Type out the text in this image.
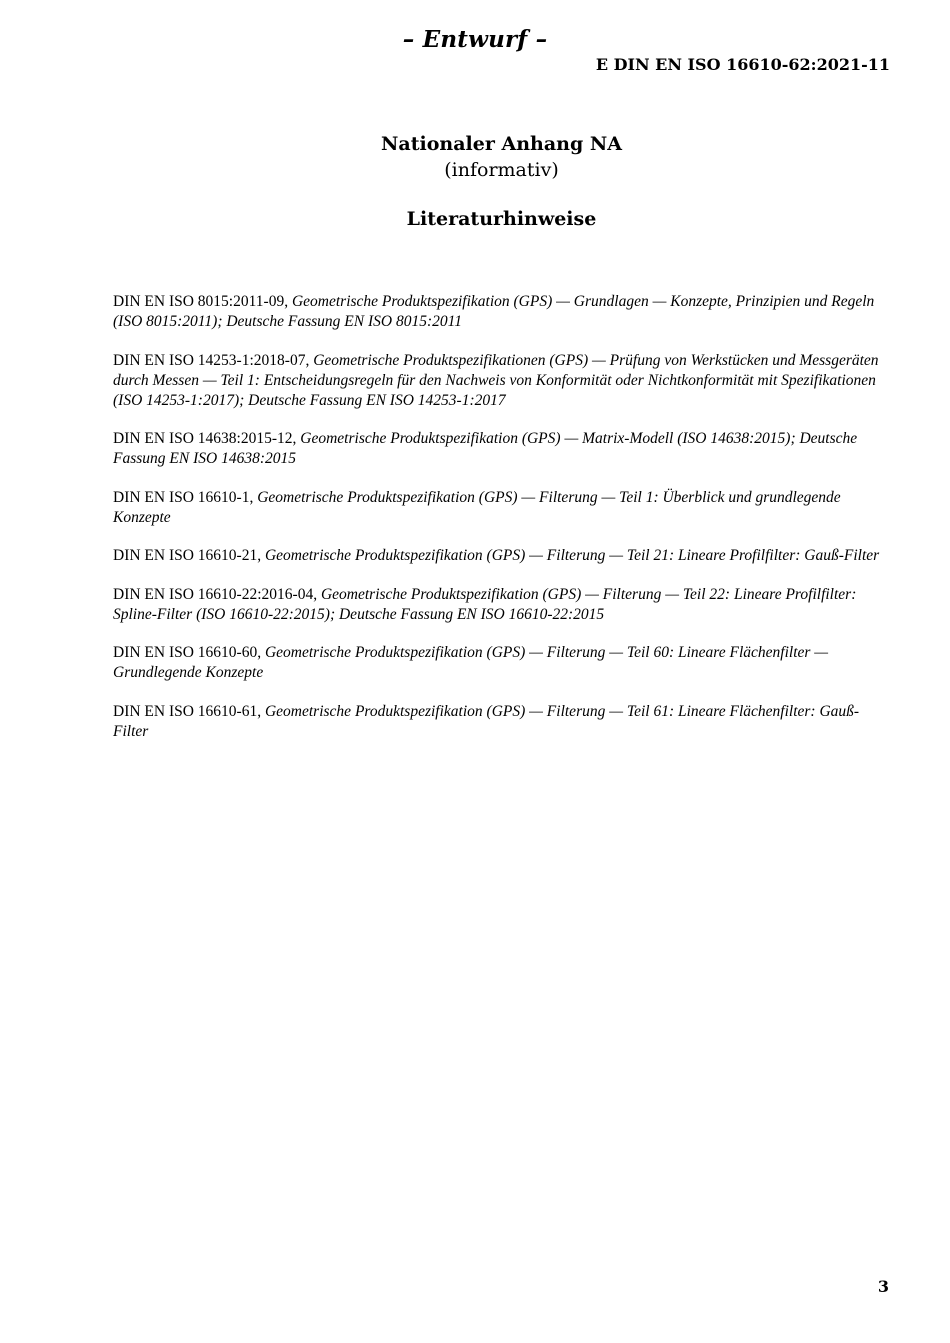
– Entwurf –
E DIN EN ISO 16610-62:2021-11
Nationaler Anhang NA
(informativ)
Literaturhinweise

DIN EN ISO 8015:2011-09, Geometrische Produktspezifikation (GPS) — Grundlagen — Konzepte, Prinzipien und Regeln (ISO 8015:2011); Deutsche Fassung EN ISO 8015:2011

DIN EN ISO 14253-1:2018-07, Geometrische Produktspezifikationen (GPS) — Prüfung von Werkstücken und Messgeräten durch Messen — Teil 1: Entscheidungsregeln für den Nachweis von Konformität oder Nichtkonformität mit Spezifikationen (ISO 14253-1:2017); Deutsche Fassung EN ISO 14253-1:2017

DIN EN ISO 14638:2015-12, Geometrische Produktspezifikation (GPS) — Matrix-Modell (ISO 14638:2015); Deutsche Fassung EN ISO 14638:2015

DIN EN ISO 16610-1, Geometrische Produktspezifikation (GPS) — Filterung — Teil 1: Überblick und grundlegende Konzepte

DIN EN ISO 16610-21, Geometrische Produktspezifikation (GPS) — Filterung — Teil 21: Lineare Profilfilter: Gauß-Filter

DIN EN ISO 16610-22:2016-04, Geometrische Produktspezifikation (GPS) — Filterung — Teil 22: Lineare Profilfilter: Spline-Filter (ISO 16610-22:2015); Deutsche Fassung EN ISO 16610-22:2015

DIN EN ISO 16610-60, Geometrische Produktspezifikation (GPS) — Filterung — Teil 60: Lineare Flächenfilter — Grundlegende Konzepte

DIN EN ISO 16610-61, Geometrische Produktspezifikation (GPS) — Filterung — Teil 61: Lineare Flächenfilter: Gauß-Filter

3
